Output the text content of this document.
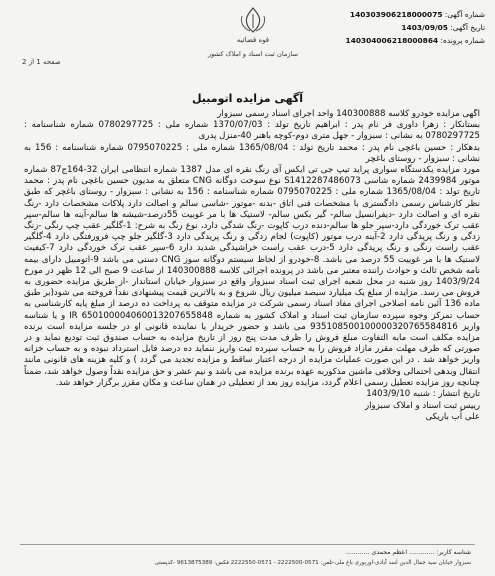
شماره آگهی: 140303906218000075
تاریخ آگهی: 1403/09/05
شماره پرونده: 140304006218000864
قوه قضائیه
سازمان ثبت اسناد و املاک کشور
صفحه 1 از 2
آگهی مزایده اتومبیل

آگهی مزایده خودرو کلاسه 140300888 واحد اجرای اسناد رسمی سبزوار

بستانکار : زهرا داوری فر نام پدر : ابراهیم تاریخ تولد : 1370/07/03 شماره ملی : 0780297725 شماره شناسنامه : 0780297725 به نشانی : سبزوار - جهل متری دوم-کوچه باهنر 40-منزل پدری

بدهکار : حسین باغچی نام پدر : محمد تاریخ تولد : 1365/08/04 شماره ملی : 0795070225 شماره شناسنامه : 156 به نشانی : سبزوار - روستای باغچر

مورد مزایده یکدستگاه سواری پراید تیپ جی تی ایکس آی رنگ نقره ای مدل 1387 شماره انتظامی ایران 32-164ج87 شماره موتور 2439984 شماره شاسی S1412287486073 نوع سوخت دوگانه CNG متعلق به مدیون حسین باغچی نام پدر : محمد تاریخ تولد : 1365/08/04 شماره ملی : 0795070225 شماره شناسنامه : 156 به نشانی : سبزوار - روستای باغچر که طبق نظر کارشناس رسمی دادگستری با مشخصات فنی اتاق -بدنه -موتور -شاسی سالم و اصالت دارد پلاکات مشخصات دارد -رنگ نقره ای و اصالت دارد -دیفرانسیل سالم- گیر بکس سالم- لاستیک ها با مر غوبیت 55درصد-شیشه ها سالم-آینه ها سالم-سپر عقب ترک خوردگی دارد-سپر جلو ها سالم-دنده درب کاپوت -رنگ شدگی دارد، نوع رنگ به شرح: 1-گلگیر عقب چپ رنگی -زنگ زدگی و رنگ پریدگی دارد 2-آینه درب موتور (کاپوت) لجام زدگی و رنگ پریدگی دارد 3-گلگیر جلو چپ فرورفتگی دارد 4-گلگیر عقب راست رنگی و رنگ پریدگی دارد 5-درب عقب راست خراشیدگی شدید دارد 6-سپر عقب ترک خوردگی دارد 7-کیفیت لاستیک ها با مر غوبیت 55 درصد می باشد. 8-خودرو از لحاظ سیستم دوگانه سوز CNG دستی می باشد 9-اتومبیل دارای بیمه نامه شخص ثالث و حوادث راننده معتبر می باشد در پرونده اجرائی کلاسه 140300888 از ساعت 9 صبح الی 12 ظهر در مورخ 1403/9/24 روز شنبه در محل شعبه اجرای ثبت اسناد سبزوار واقع در سبزوار خیابان استاندار -از طریق مزایده حضوری به فروش می رسد. مزایده از مبلغ یک میلیارد سیصد میلیون ریال شروع و به بالاترین قیمت پیشنهادی نقداً فروخته می شود(بر طبق ماده 136 آئین نامه اصلاحی اجرای مفاد اسناد رسمی شرکت در مزایده متوقف به پرداخت ده درصد از مبلغ پایه کارشناسی به حساب تمرکز وجوه سپرده سازمان ثبت اسناد و املاک کشور به شماره IR 650100004060013207655848 و یا شناسه واریز 935108500100000320765584816 می باشد و حضور خریدار یا نماینده قانونی او در جلسه مزایده است برنده مزایده مکلف است مابه التفاوت مبلغ فروش را ظرف مدت پنج روز از تاریخ مزایده به حساب صندوق ثبت تودیع نماید و در صورتی که ظرف مهلت مقرر مازاد فروش را به حساب سپرده ثبت واریز ننماید ده درصد فابل استرداد نبوده و به حساب خزانه واریز خواهد شد . در این صورت عملیات مزایده از درجه اعتبار ساقط و مزایده تجدید می گردد ) و کلیه هزینه های قانونی مانند انتقال وبدهی احتمالی وخلافی ماشین مذکوربه عهده برنده مزایده می باشد و نیم عشر و حق مزایده نقداً وصول خواهد شد، ضمناً چنانچه روز مزایده تعطیل رسمی اعلام گردد، مزایده روز بعد از تعطیلی در همان ساعت و مکان مقرر برگزار خواهد شد.

تاریخ انتشار : شنبه 1403/9/10

رییس ثبت اسناد و املاک سبزوار

علی اُب باریکی

شناسه کاربر: ............. اعظم محمدی ............
سبزوار خیابان سید جمال الدین اسد آبادی-اوربوری باغ ملی-تلفن: 0571-2222500 - 0571-2222550 فکس: 9613875389 -کدپستی
